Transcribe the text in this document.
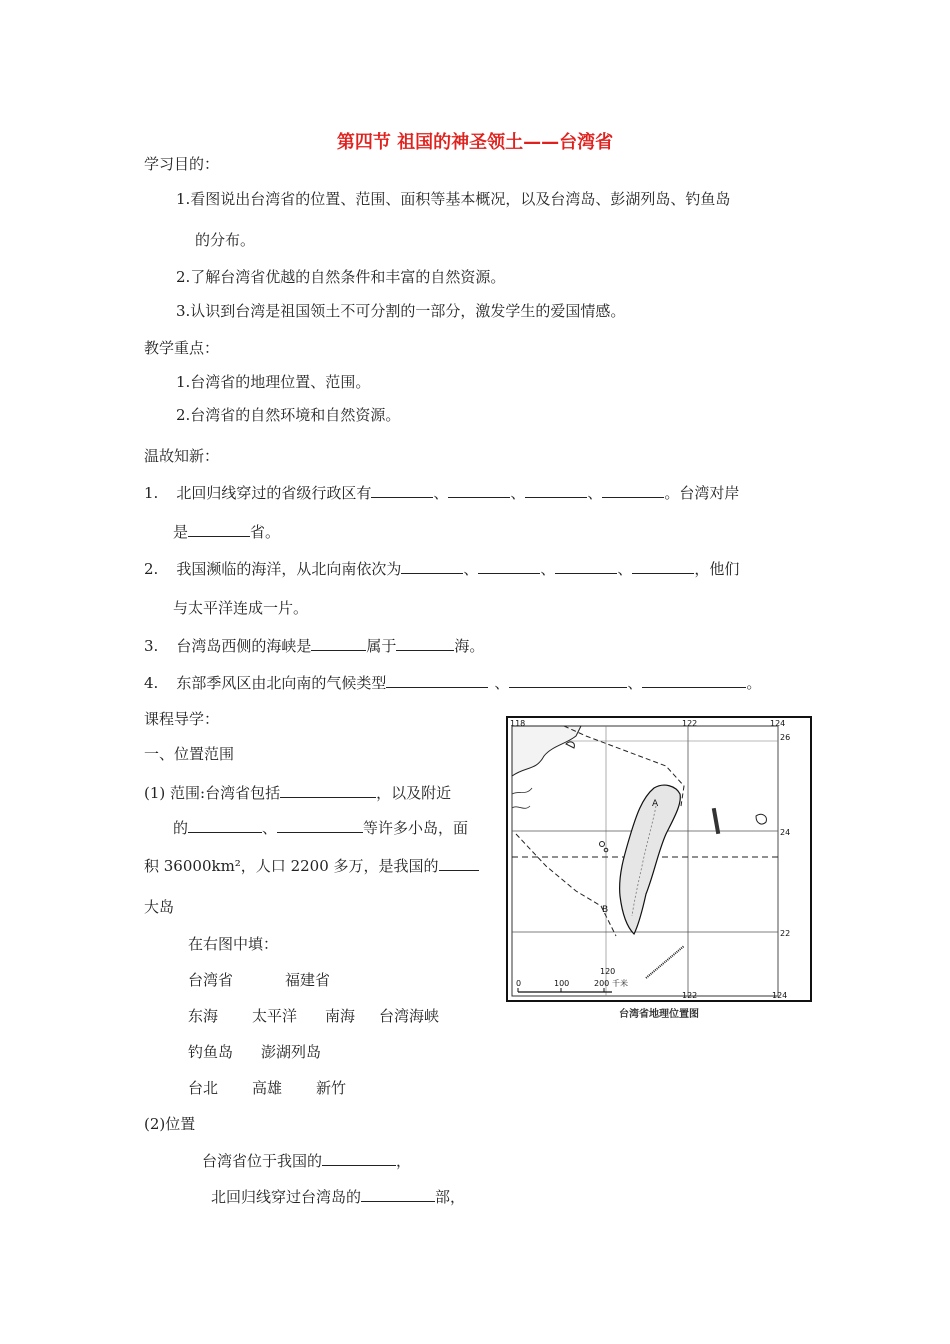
第四节 祖国的神圣领土——台湾省
学习目的：
1.看图说出台湾省的位置、范围、面积等基本概况，以及台湾岛、彭湖列岛、钓鱼岛
的分布。
2.了解台湾省优越的自然条件和丰富的自然资源。
3.认识到台湾是祖国领土不可分割的一部分，激发学生的爱国情感。
教学重点：
1.台湾省的地理位置、范围。
2.台湾省的自然环境和自然资源。
温故知新：
1. 北回归线穿过的省级行政区有	、	、	、	。台湾对岸
是	省。
2. 我国濒临的海洋，从北向南依次为	、	、	、	，他们
与太平洋连成一片。
3. 台湾岛西侧的海峡是	属于	海。
4. 东部季风区由北向南的气候类型	、	、	。
课程导学：
一、位置范围
(1) 范围:台湾省包括	，以及附近
的	、	等许多小岛，面
积 36000km²，人口 2200 多万，是我国的
大岛
在右图中填：
台湾省	福建省
东海 太平洋 南海 台湾海峡
钓鱼岛 澎湖列岛
台北 高雄 新竹
(2)位置
台湾省位于我国的	，
北回归线穿过台湾岛的	部，
A
B
118	122	124
120
122	124
26
24
22
0	100	200 千米
台湾省地理位置图
